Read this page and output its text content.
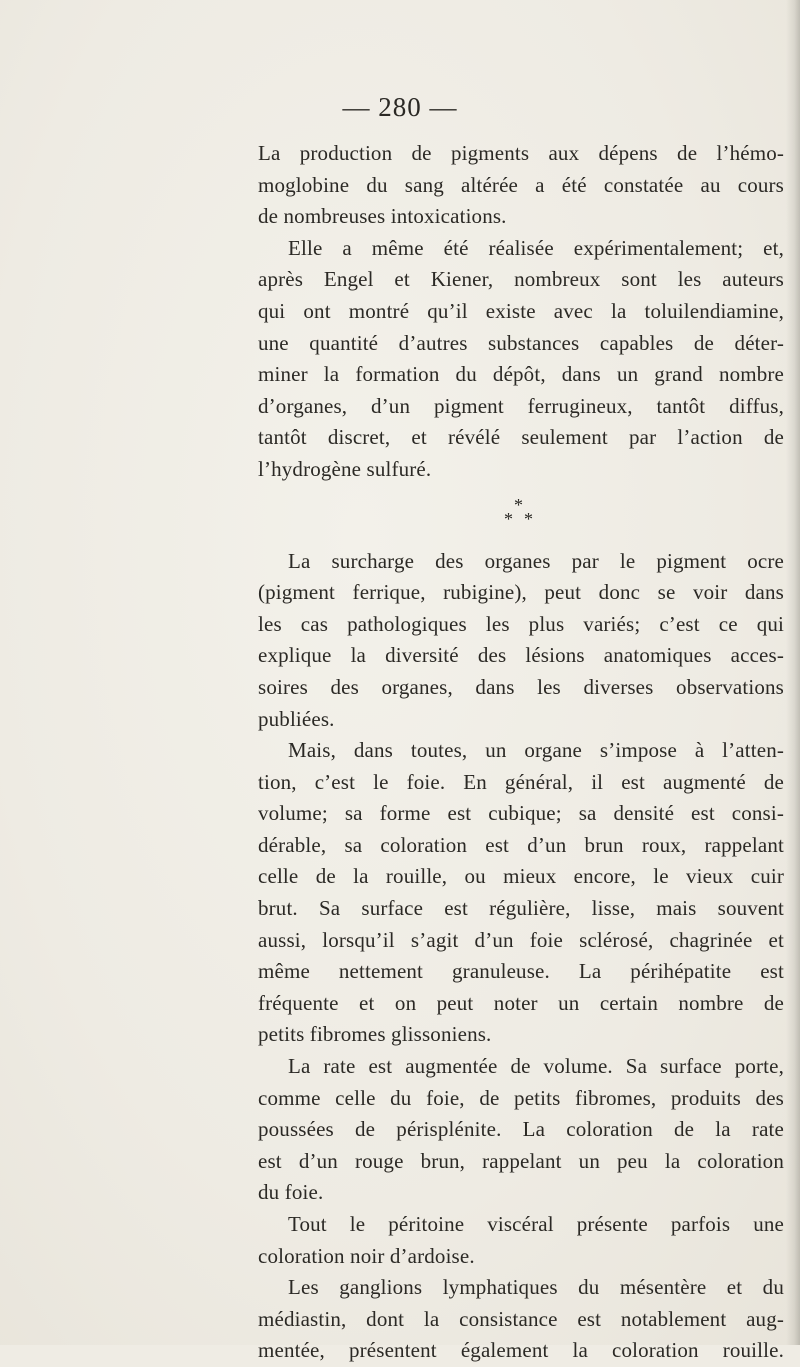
— 280 —

La production de pigments aux dépens de l’hémo-
moglobine du sang altérée a été constatée au cours
de nombreuses intoxications.

Elle a même été réalisée expérimentalement; et,
après Engel et Kiener, nombreux sont les auteurs
qui ont montré qu’il existe avec la toluilendiamine,
une quantité d’autres substances capables de déter-
miner la formation du dépôt, dans un grand nombre
d’organes, d’un pigment ferrugineux, tantôt diffus,
tantôt discret, et révélé seulement par l’action de
l’hydrogène sulfuré.

*
* *

La surcharge des organes par le pigment ocre
(pigment ferrique, rubigine), peut donc se voir dans
les cas pathologiques les plus variés; c’est ce qui
explique la diversité des lésions anatomiques acces-
soires des organes, dans les diverses observations
publiées.

Mais, dans toutes, un organe s’impose à l’atten-
tion, c’est le foie. En général, il est augmenté de
volume; sa forme est cubique; sa densité est consi-
dérable, sa coloration est d’un brun roux, rappelant
celle de la rouille, ou mieux encore, le vieux cuir
brut. Sa surface est régulière, lisse, mais souvent
aussi, lorsqu’il s’agit d’un foie sclérosé, chagrinée et
même nettement granuleuse. La périhépatite est
fréquente et on peut noter un certain nombre de
petits fibromes glissoniens.

La rate est augmentée de volume. Sa surface porte,
comme celle du foie, de petits fibromes, produits des
poussées de périsplénite. La coloration de la rate
est d’un rouge brun, rappelant un peu la coloration
du foie.

Tout le péritoine viscéral présente parfois une
coloration noir d’ardoise.

Les ganglions lymphatiques du mésentère et du
médiastin, dont la consistance est notablement aug-
mentée, présentent également la coloration rouille.
